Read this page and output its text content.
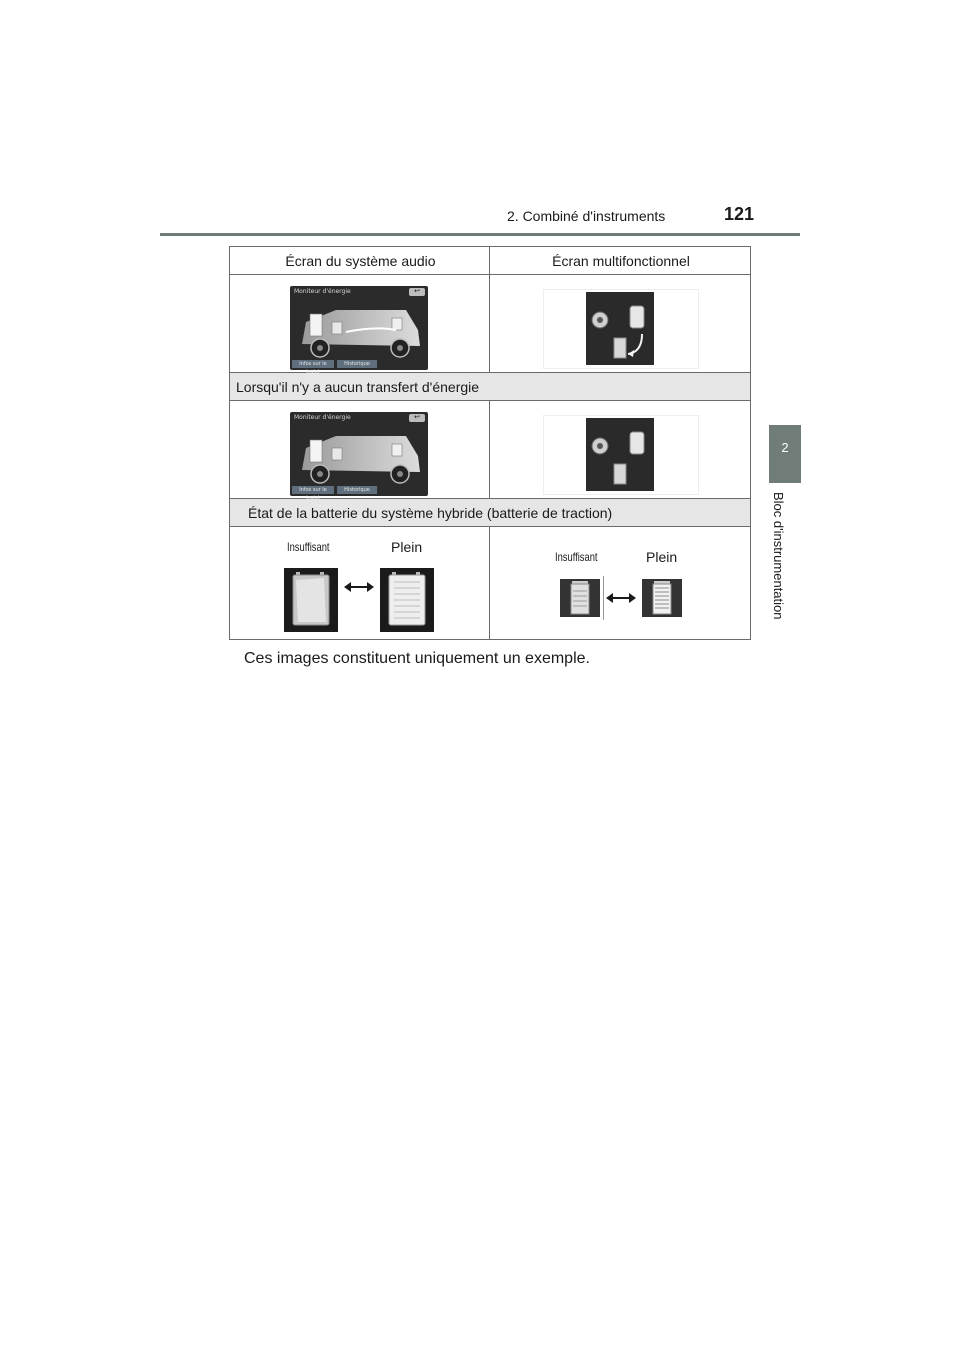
2. Combiné d'instruments	121
2
Bloc d'instrumentation
Écran du système audio	Écran multifonctionnel
Lorsqu'il n'y a aucun transfert d'énergie
État de la batterie du système hybride (batterie de traction)
Moniteur d'énergie	↩
Infos sur le trajet
Historique
Moniteur d'énergie	↩
Infos sur le trajet
Historique
Insuffisant	Plein
Insuffisant	Plein
Ces images constituent uniquement un exemple.
